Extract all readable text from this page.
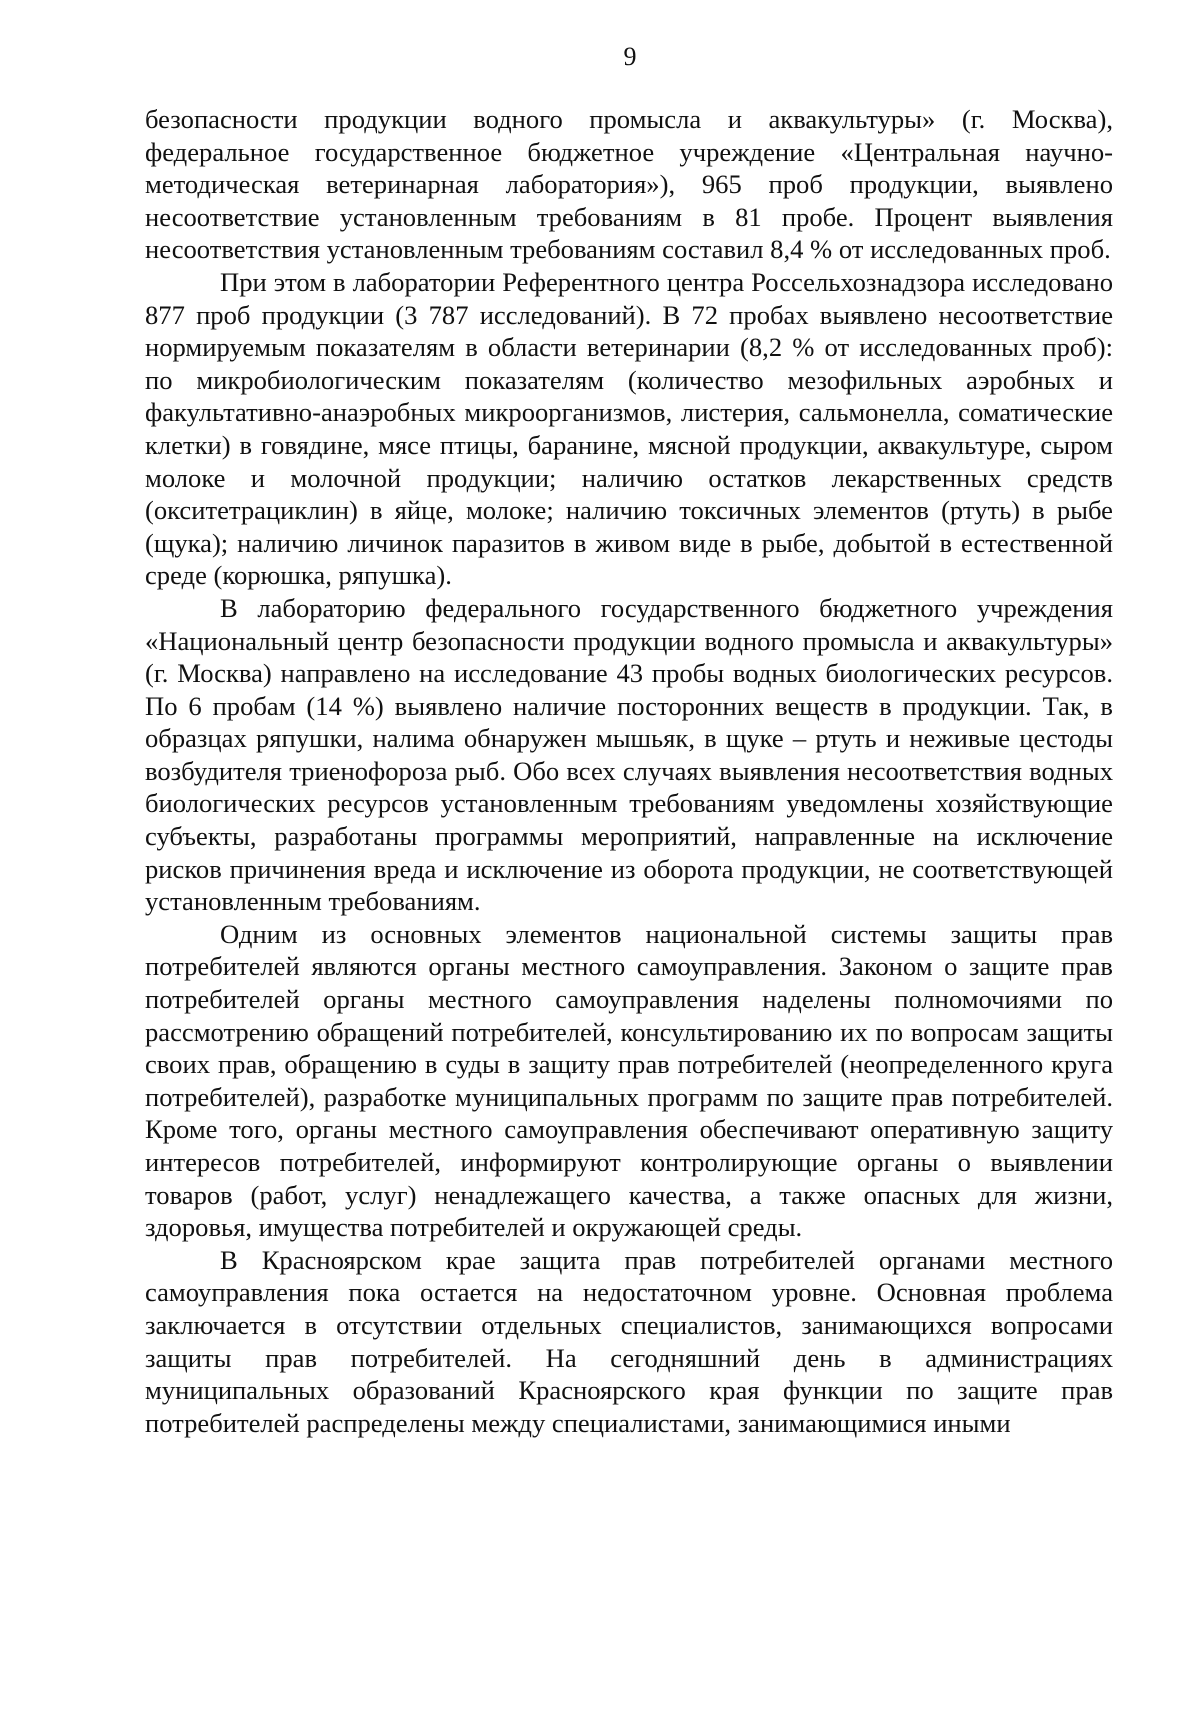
9

безопасности продукции водного промысла и аквакультуры» (г. Москва), федеральное государственное бюджетное учреждение «Центральная научно-методическая ветеринарная лаборатория»), 965 проб продукции, выявлено несоответствие установленным требованиям в 81 пробе. Процент выявления несоответствия установленным требованиям составил 8,4 % от исследованных проб.

При этом в лаборатории Референтного центра Россельхознадзора исследовано 877 проб продукции (3 787 исследований). В 72 пробах выявлено несоответствие нормируемым показателям в области ветеринарии (8,2 % от исследованных проб): по микробиологическим показателям (количество мезофильных аэробных и факультативно-анаэробных микроорганизмов, листерия, сальмонелла, соматические клетки) в говядине, мясе птицы, баранине, мясной продукции, аквакультуре, сыром молоке и молочной продукции; наличию остатков лекарственных средств (окситетрациклин) в яйце, молоке; наличию токсичных элементов (ртуть) в рыбе (щука); наличию личинок паразитов в живом виде в рыбе, добытой в естественной среде (корюшка, ряпушка).

В лабораторию федерального государственного бюджетного учреждения «Национальный центр безопасности продукции водного промысла и аквакультуры» (г. Москва) направлено на исследование 43 пробы водных биологических ресурсов. По 6 пробам (14 %) выявлено наличие посторонних веществ в продукции. Так, в образцах ряпушки, налима обнаружен мышьяк, в щуке – ртуть и неживые цестоды возбудителя триенофороза рыб. Обо всех случаях выявления несоответствия водных биологических ресурсов установленным требованиям уведомлены хозяйствующие субъекты, разработаны программы мероприятий, направленные на исключение рисков причинения вреда и исключение из оборота продукции, не соответствующей установленным требованиям.

Одним из основных элементов национальной системы защиты прав потребителей являются органы местного самоуправления. Законом о защите прав потребителей органы местного самоуправления наделены полномочиями по рассмотрению обращений потребителей, консультированию их по вопросам защиты своих прав, обращению в суды в защиту прав потребителей (неопределенного круга потребителей), разработке муниципальных программ по защите прав потребителей. Кроме того, органы местного самоуправления обеспечивают оперативную защиту интересов потребителей, информируют контролирующие органы о выявлении товаров (работ, услуг) ненадлежащего качества, а также опасных для жизни, здоровья, имущества потребителей и окружающей среды.

В Красноярском крае защита прав потребителей органами местного самоуправления пока остается на недостаточном уровне. Основная проблема заключается в отсутствии отдельных специалистов, занимающихся вопросами защиты прав потребителей. На сегодняшний день в администрациях муниципальных образований Красноярского края функции по защите прав потребителей распределены между специалистами, занимающимися иными
